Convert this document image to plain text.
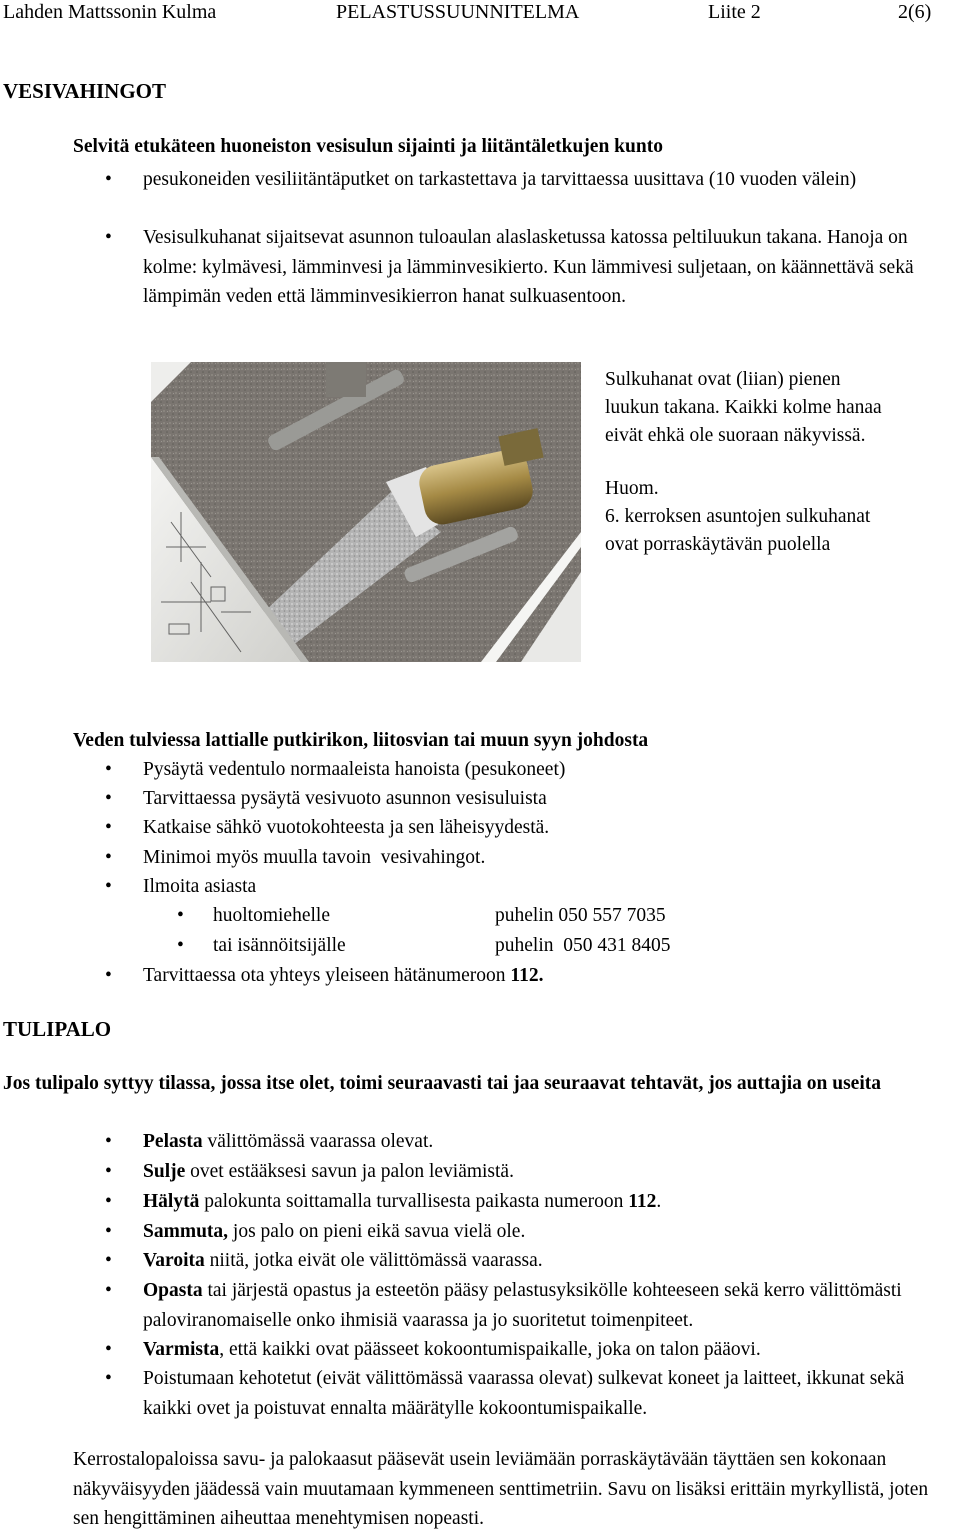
Lahden Mattssonin Kulma	PELASTUSSUUNNITELMA	Liite 2	2(6)
VESIVAHINGOT
Selvitä etukäteen huoneiston vesisulun sijainti ja liitäntäletkujen kunto
• pesukoneiden vesiliitäntäputket on tarkastettava ja tarvittaessa uusittava (10 vuoden välein)
• Vesisulkuhanat sijaitsevat asunnon tuloaulan alaslasketussa katossa peltiluukun takana. Hanoja on kolme: kylmävesi, lämminvesi ja lämminvesikierto. Kun lämmivesi suljetaan, on käännettävä sekä lämpimän veden että lämminvesikierron hanat sulkuasentoon.
Sulkuhanat ovat (liian) pienen
luukun takana. Kaikki kolme hanaa
eivät ehkä ole suoraan näkyvissä.
Huom.
6. kerroksen asuntojen sulkuhanat
ovat porraskäytävän puolella
Veden tulviessa lattialle putkirikon, liitosvian tai muun syyn johdosta
• Pysäytä vedentulo normaaleista hanoista (pesukoneet)
• Tarvittaessa pysäytä vesivuoto asunnon vesisuluista
• Katkaise sähkö vuotokohteesta ja sen läheisyydestä.
• Minimoi myös muulla tavoin  vesivahingot.
• Ilmoita asiasta
• huoltomiehelle	puhelin 050 557 7035
• tai isännöitsijälle	puhelin  050 431 8405
• Tarvittaessa ota yhteys yleiseen hätänumeroon 112.
TULIPALO
Jos tulipalo syttyy tilassa, jossa itse olet, toimi seuraavasti tai jaa seuraavat tehtavät, jos auttajia on useita
• Pelasta välittömässä vaarassa olevat.
• Sulje ovet estääksesi savun ja palon leviämistä.
• Hälytä palokunta soittamalla turvallisesta paikasta numeroon 112.
• Sammuta, jos palo on pieni eikä savua vielä ole.
• Varoita niitä, jotka eivät ole välittömässä vaarassa.
• Opasta tai järjestä opastus ja esteetön pääsy pelastusyksikölle kohteeseen sekä kerro välittömästi paloviranomaiselle onko ihmisiä vaarassa ja jo suoritetut toimenpiteet.
• Varmista, että kaikki ovat päässeet kokoontumispaikalle, joka on talon pääovi.
• Poistumaan kehotetut (eivät välittömässä vaarassa olevat) sulkevat koneet ja laitteet, ikkunat sekä kaikki ovet ja poistuvat ennalta määrätylle kokoontumispaikalle.
Kerrostalopaloissa savu- ja palokaasut pääsevät usein leviämään porraskäytävään täyttäen sen kokonaan näkyväisyyden jäädessä vain muutamaan kymmeneen senttimetriin. Savu on lisäksi erittäin myrkyllistä, joten sen hengittäminen aiheuttaa menehtymisen nopeasti.
